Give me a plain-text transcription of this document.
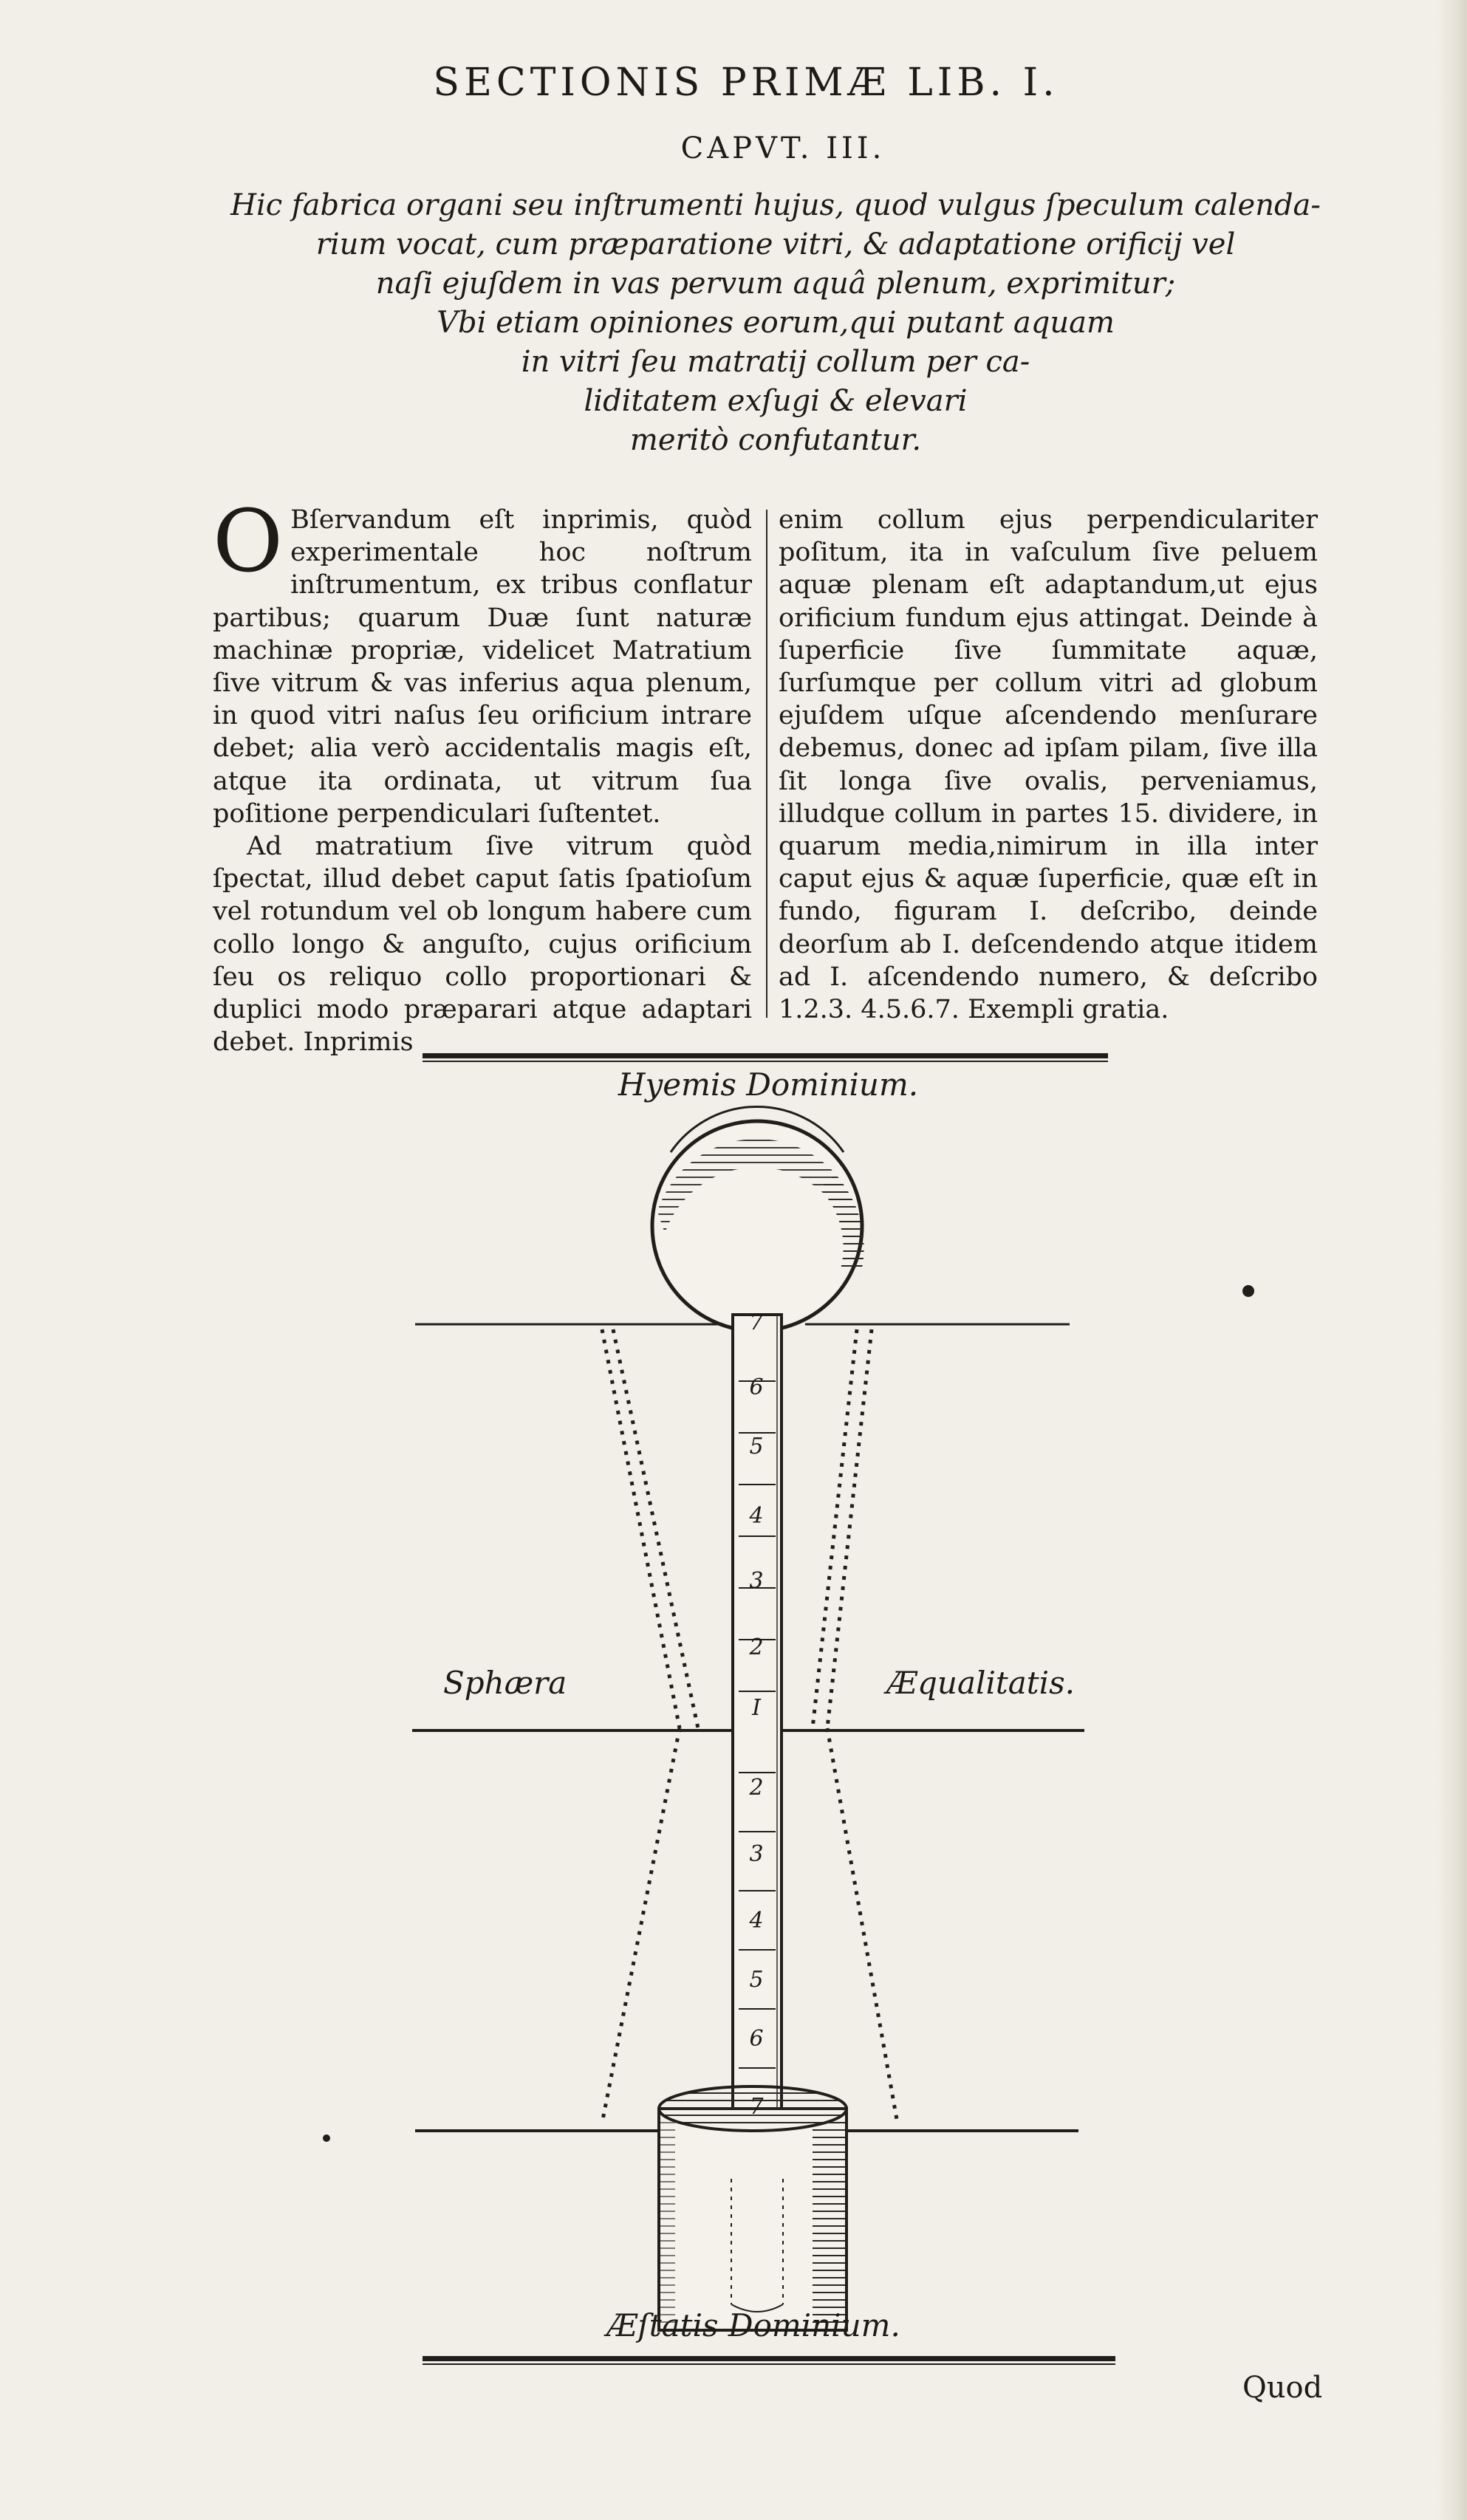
SECTIONIS PRIMÆ LIB. I.
CAPVT. III.
Hic fabrica organi seu inſtrumenti hujus, quod vulgus ſpeculum calenda-
rium vocat, cum præparatione vitri, & adaptatione orificij vel
naſi ejuſdem in vas pervum aquâ plenum, exprimitur;
Vbi etiam opiniones eorum,qui putant aquam
in vitri ſeu matratij collum per ca-
liditatem exſugi & elevari
meritò confutantur.

O Bſervandum eſt inprimis, quòd experimentale hoc noſtrum inſtrumentum, ex tribus conflatur partibus; quarum Duæ ſunt naturæ machinæ propriæ, videlicet Matratium ſive vitrum & vas inferius aqua plenum, in quod vitri naſus ſeu orificium intrare debet; alia verò accidentalis magis eſt, atque ita ordinata, ut vitrum ſua poſitione perpendiculari ſuſtentet.

Ad matratium ſive vitrum quòd ſpectat, illud debet caput ſatis ſpatioſum vel rotundum vel ob longum habere cum collo longo & anguſto, cujus orificium ſeu os reliquo collo proportionari & duplici modo præparari atque adaptari debet. Inprimis

enim collum ejus perpendiculariter poſitum, ita in vaſculum ſive peluem aquæ plenam eſt adaptandum,ut ejus orificium fundum ejus attingat. Deinde à ſuperficie ſive ſummitate aquæ, ſurſumque per collum vitri ad globum ejuſdem uſque aſcendendo menſurare debemus, donec ad ipſam pilam, ſive illa ſit longa ſive ovalis, perveniamus, illudque collum in partes 15. dividere, in quarum media,nimirum in illa inter caput ejus & aquæ ſuperficie, quæ eſt in fundo, figuram I. deſcribo, deinde deorſum ab I. deſcendendo atque itidem ad I. aſcendendo numero, & deſcribo 1.2.3. 4.5.6.7. Exempli gratia.

7
6
5
4
3
2
I
2
3
4
5
6
7
Hyemis Dominium.
Sphæra	Æqualitatis.
Æſtatis Dominium.
Quod
